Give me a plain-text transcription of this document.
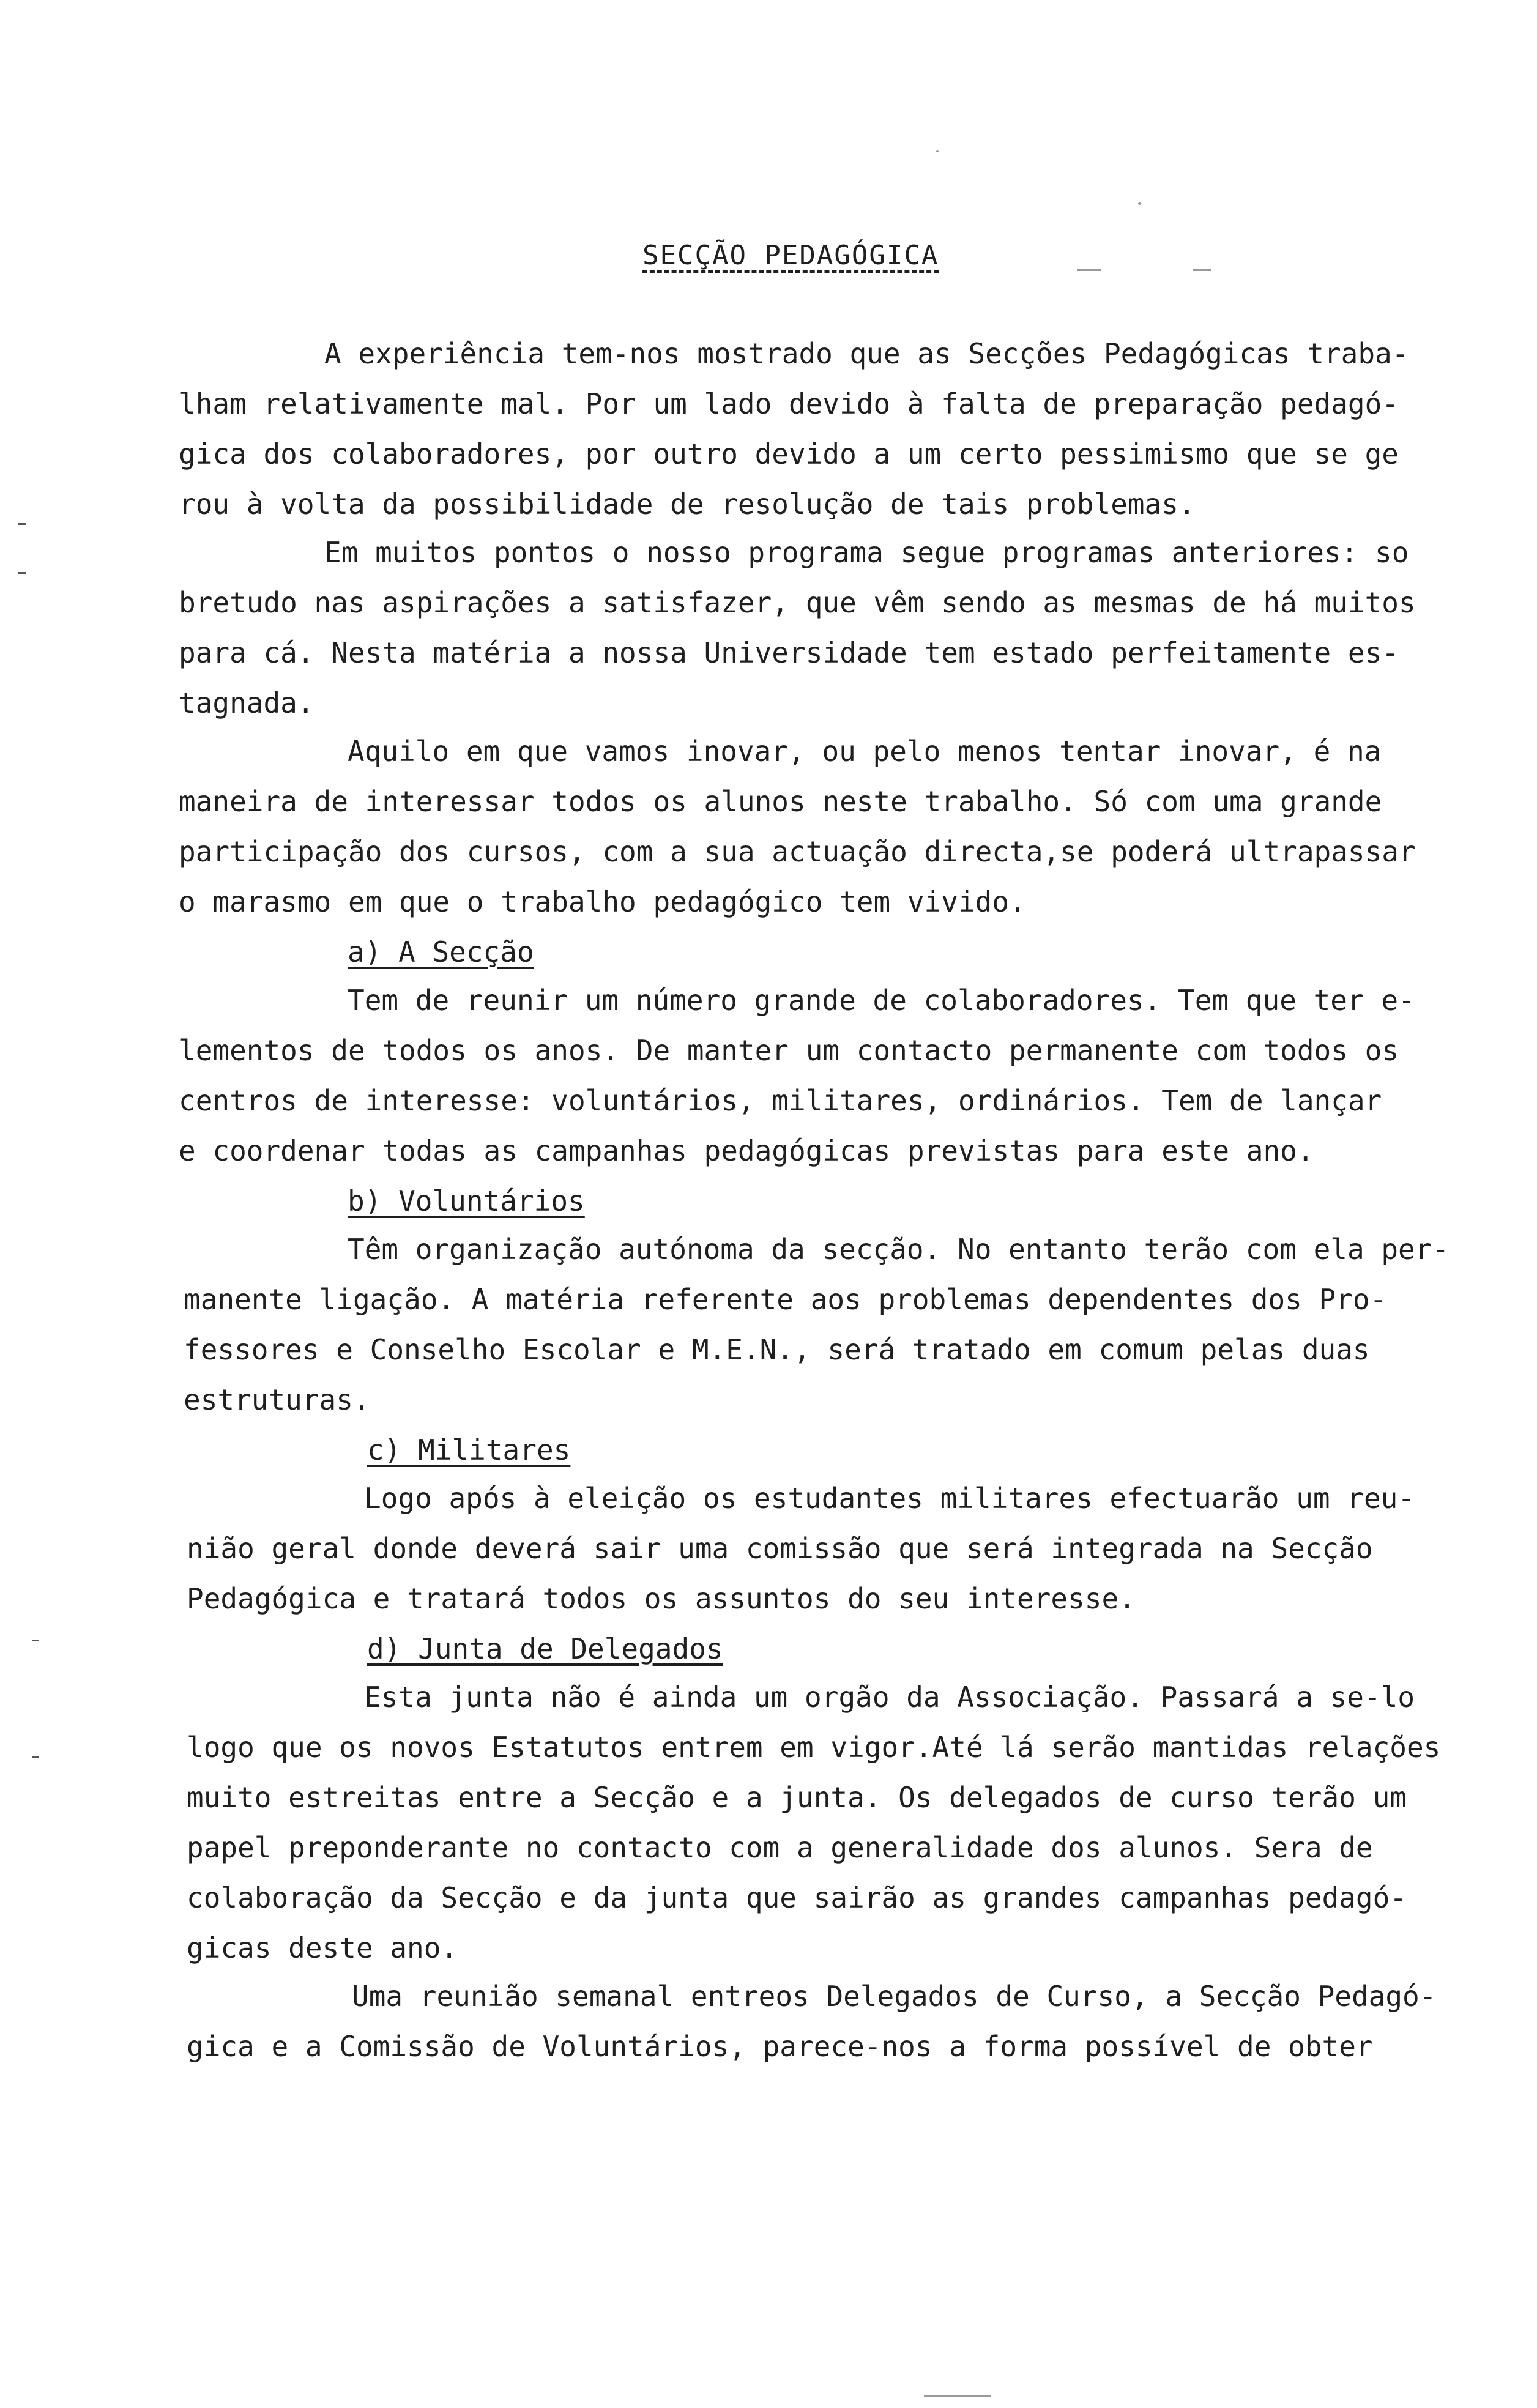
SECÇÃO PEDAGÓGICA
A experiência tem-nos mostrado que as Secções Pedagógicas traba-
lham relativamente mal. Por um lado devido à falta de preparação pedagó-
gica dos colaboradores, por outro devido a um certo pessimismo que se ge
rou à volta da possibilidade de resolução de tais problemas.
Em muitos pontos o nosso programa segue programas anteriores: so
bretudo nas aspirações a satisfazer, que vêm sendo as mesmas de há muitos
para cá. Nesta matéria a nossa Universidade tem estado perfeitamente es-
tagnada.
Aquilo em que vamos inovar, ou pelo menos tentar inovar, é na
maneira de interessar todos os alunos neste trabalho. Só com uma grande
participação dos cursos, com a sua actuação directa,se poderá ultrapassar
o marasmo em que o trabalho pedagógico tem vivido.
a) A Secção
Tem de reunir um número grande de colaboradores. Tem que ter e-
lementos de todos os anos. De manter um contacto permanente com todos os
centros de interesse: voluntários, militares, ordinários. Tem de lançar
e coordenar todas as campanhas pedagógicas previstas para este ano.
b) Voluntários
Têm organização autónoma da secção. No entanto terão com ela per-
manente ligação. A matéria referente aos problemas dependentes dos Pro-
fessores e Conselho Escolar e M.E.N., será tratado em comum pelas duas
estruturas.
c) Militares
Logo após à eleição os estudantes militares efectuarão um reu-
nião geral donde deverá sair uma comissão que será integrada na Secção
Pedagógica e tratará todos os assuntos do seu interesse.
d) Junta de Delegados
Esta junta não é ainda um orgão da Associação. Passará a se-lo
logo que os novos Estatutos entrem em vigor.Até lá serão mantidas relações
muito estreitas entre a Secção e a junta. Os delegados de curso terão um
papel preponderante no contacto com a generalidade dos alunos. Sera de
colaboração da Secção e da junta que sairão as grandes campanhas pedagó-
gicas deste ano.
Uma reunião semanal entreos Delegados de Curso, a Secção Pedagó-
gica e a Comissão de Voluntários, parece-nos a forma possível de obter
